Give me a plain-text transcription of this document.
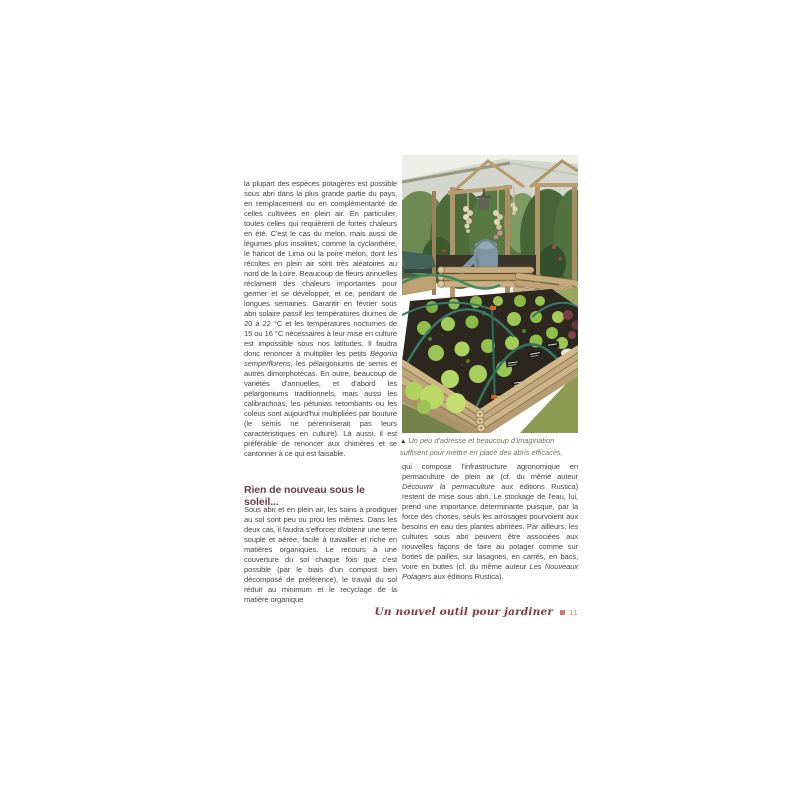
la plupart des espèces potagères est possible sous abri dans la plus grande partie du pays, en remplacement ou en complémentarité de celles cultivées en plein air. En particulier, toutes celles qui requièrent de fortes chaleurs en été. C'est le cas du melon, mais aussi de légumes plus insolites, comme la cyclanthère, le haricot de Lima ou la poire melon, dont les récoltes en plein air sont très aléatoires au nord de la Loire. Beaucoup de fleurs annuelles réclament des chaleurs importantes pour germer et se développer, et ce, pendant de longues semaines. Garantir en février sous abri solaire passif les températures diurnes de 20 à 22 °C et les températures nocturnes de 15 ou 16 °C nécessaires à leur mise en culture est impossible sous nos latitudes. Il faudra donc renoncer à multiplier les petits Bégonia semperflorens, les pélargoniums de semis et autres dimorphotécas. En outre, beaucoup de variétés d'annuelles, et d'abord les pélargoniums traditionnels, mais aussi les calibrachoas, les pétunias retombants ou les coleus sont aujourd'hui multipliées par bouture (le semis ne pérenniserait pas leurs caractéristiques en culture). Là aussi, il est préférable de renoncer aux chimères et se cantonner à ce qui est faisable.
Rien de nouveau sous le soleil...
Sous abri et en plein air, les soins à prodiguer au sol sont peu ou prou les mêmes. Dans les deux cas, il faudra s'efforcer d'obtenir une terre souple et aérée, facile à travailler et riche en matières organiques. Le recours à une couverture du sol chaque fois que c'est possible (par le biais d'un compost bien décomposé de préférence), le travail du sol réduit au minimum et le recyclage de la matière organique
▲ Un peu d'adresse et beaucoup d'imagination suffisent pour mettre en place des abris efficaces.
qui compose l'infrastructure agronomique en permaculture de plein air (cf. du même auteur Découvrir la permaculture aux éditions Rustica) restent de mise sous abri. Le stockage de l'eau, lui, prend une importance déterminante puisque, par la force des choses, seuls les arrosages pourvoient aux besoins en eau des plantes abritées. Par ailleurs, les cultures sous abri peuvent être associées aux nouvelles façons de faire au potager comme sur bottes de pailles, sur lasagnes, en carrés, en bacs, voire en buttes (cf. du même auteur Les Nouveaux Potagers aux éditions Rustica).
Un nouvel outil pour jardiner 11
